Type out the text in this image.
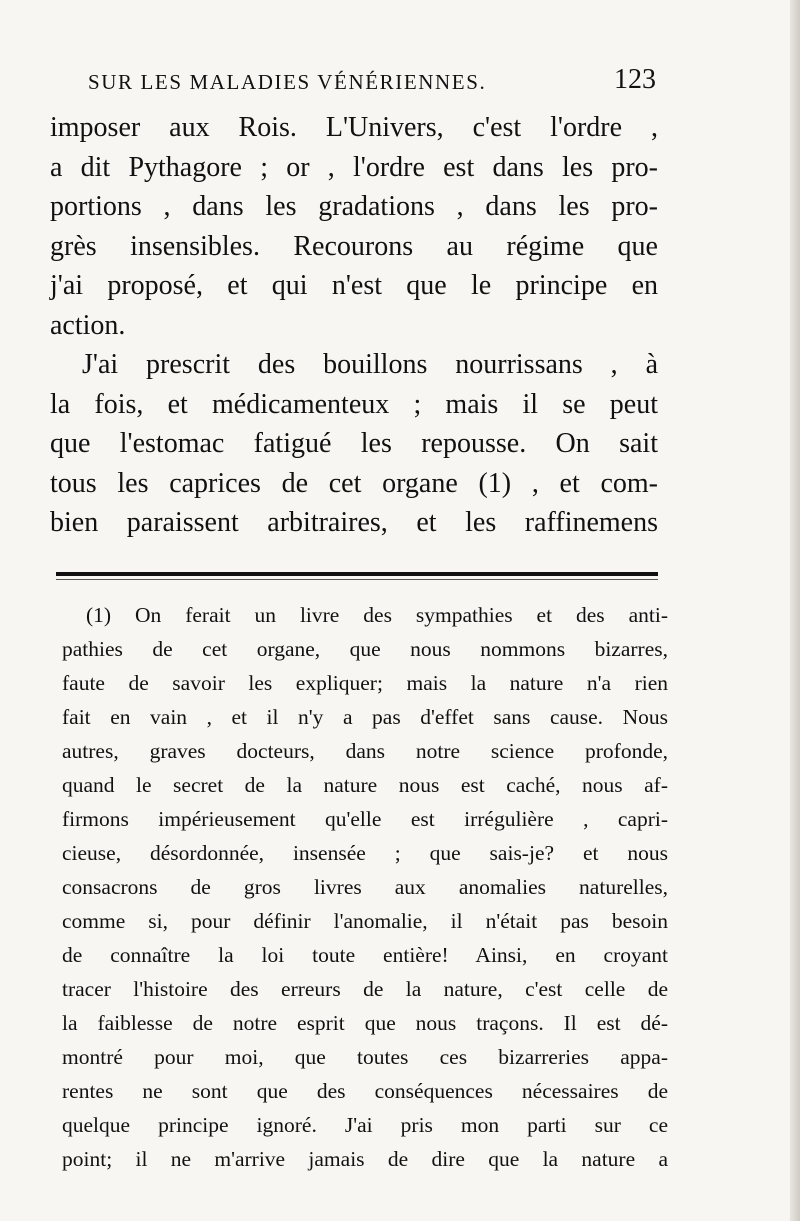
SUR LES MALADIES VÉNÉRIENNES.	123
imposer aux Rois. L'Univers, c'est l'ordre ,
a dit Pythagore ; or , l'ordre est dans les pro-
portions , dans les gradations , dans les pro-
grès insensibles. Recourons au régime que
j'ai proposé, et qui n'est que le principe en
action.
J'ai prescrit des bouillons nourrissans , à
la fois, et médicamenteux ; mais il se peut
que l'estomac fatigué les repousse. On sait
tous les caprices de cet organe (1) , et com-
bien paraissent arbitraires, et les raffinemens
(1) On ferait un livre des sympathies et des anti-
pathies de cet organe, que nous nommons bizarres,
faute de savoir les expliquer; mais la nature n'a rien
fait en vain , et il n'y a pas d'effet sans cause. Nous
autres, graves docteurs, dans notre science profonde,
quand le secret de la nature nous est caché, nous af-
firmons impérieusement qu'elle est irrégulière , capri-
cieuse, désordonnée, insensée ; que sais-je? et nous
consacrons de gros livres aux anomalies naturelles,
comme si, pour définir l'anomalie, il n'était pas besoin
de connaître la loi toute entière! Ainsi, en croyant
tracer l'histoire des erreurs de la nature, c'est celle de
la faiblesse de notre esprit que nous traçons. Il est dé-
montré pour moi, que toutes ces bizarreries appa-
rentes ne sont que des conséquences nécessaires de
quelque principe ignoré. J'ai pris mon parti sur ce
point; il ne m'arrive jamais de dire que la nature a
